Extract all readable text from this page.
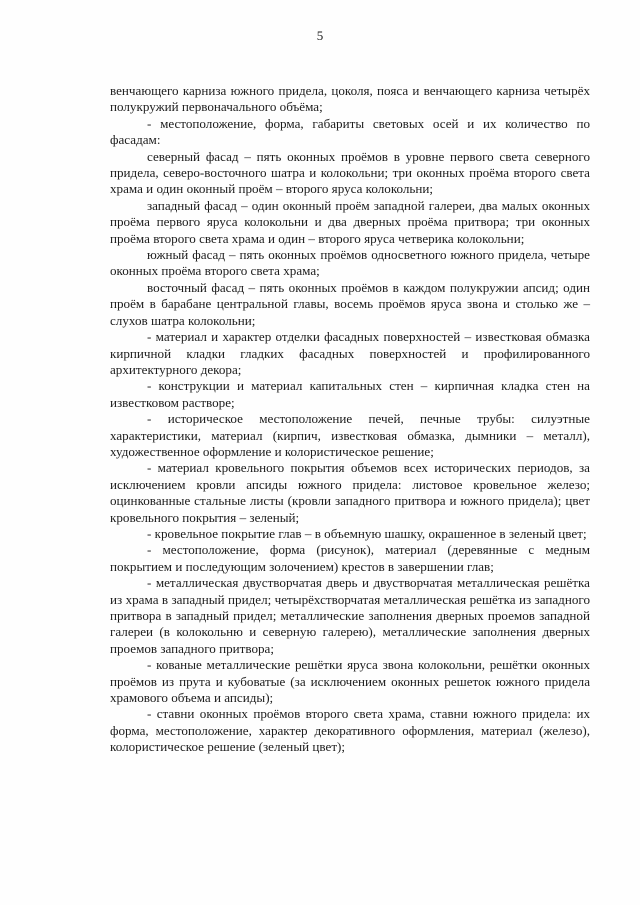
5

венчающего карниза южного придела, цоколя, пояса и венчающего карниза четырёх полукружий первоначального объёма;

- местоположение, форма, габариты световых осей и их количество по фасадам:

северный фасад – пять оконных проёмов в уровне первого света северного придела, северо-восточного шатра и колокольни; три оконных проёма второго света храма и один оконный проём – второго яруса колокольни;

западный фасад – один оконный проём западной галереи, два малых оконных проёма первого яруса колокольни и два дверных проёма притвора; три оконных проёма второго света храма и один – второго яруса четверика колокольни;

южный фасад – пять оконных проёмов односветного южного придела, четыре оконных проёма второго света храма;

восточный фасад – пять оконных проёмов в каждом полукружии апсид; один проём в барабане центральной главы, восемь проёмов яруса звона и столько же – слухов шатра колокольни;

- материал и характер отделки фасадных поверхностей – известковая обмазка кирпичной кладки гладких фасадных поверхностей и профилированного архитектурного декора;

- конструкции и материал капитальных стен – кирпичная кладка стен на известковом растворе;

- историческое местоположение печей, печные трубы: силуэтные характеристики, материал (кирпич, известковая обмазка, дымники – металл), художественное оформление и колористическое решение;

- материал кровельного покрытия объемов всех исторических периодов, за исключением кровли апсиды южного придела: листовое кровельное железо; оцинкованные стальные листы (кровли западного притвора и южного придела); цвет кровельного покрытия – зеленый;

- кровельное покрытие глав – в объемную шашку, окрашенное в зеленый цвет;

- местоположение, форма (рисунок), материал (деревянные с медным покрытием и последующим золочением) крестов в завершении глав;

- металлическая двустворчатая дверь и двустворчатая металлическая решётка из храма в западный придел; четырёхстворчатая металлическая решётка из западного притвора в западный придел; металлические заполнения дверных проемов западной галереи (в колокольню и северную галерею), металлические заполнения дверных проемов западного притвора;

- кованые металлические решётки яруса звона колокольни, решётки оконных проёмов из прута и кубоватые (за исключением оконных решеток южного придела храмового объема и апсиды);

- ставни оконных проёмов второго света храма, ставни южного придела: их форма, местоположение, характер декоративного оформления, материал (железо), колористическое решение (зеленый цвет);
